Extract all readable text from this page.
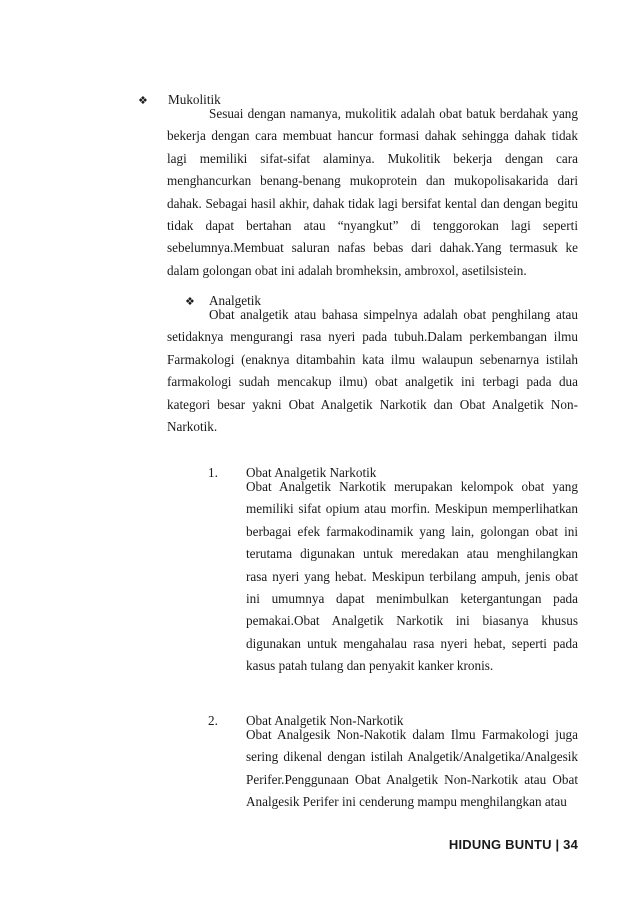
❖	Mukolitik

Sesuai dengan namanya, mukolitik adalah obat batuk berdahak yang bekerja dengan cara membuat hancur formasi dahak sehingga dahak tidak lagi memiliki sifat-sifat alaminya. Mukolitik bekerja dengan cara menghancurkan benang-benang mukoprotein dan mukopolisakarida dari dahak. Sebagai hasil akhir, dahak tidak lagi bersifat kental dan dengan begitu tidak dapat bertahan atau “nyangkut” di tenggorokan lagi seperti sebelumnya.Membuat saluran nafas bebas dari dahak.Yang termasuk ke dalam golongan obat ini adalah bromheksin, ambroxol, asetilsistein.

❖	Analgetik

Obat analgetik atau bahasa simpelnya adalah obat penghilang atau setidaknya mengurangi rasa nyeri pada tubuh.Dalam perkembangan ilmu Farmakologi (enaknya ditambahin kata ilmu walaupun sebenarnya istilah farmakologi sudah mencakup ilmu) obat analgetik ini terbagi pada dua kategori besar yakni Obat Analgetik Narkotik dan Obat Analgetik Non-Narkotik.

1. Obat Analgetik Narkotik

Obat Analgetik Narkotik merupakan kelompok obat yang memiliki sifat opium atau morfin. Meskipun memperlihatkan berbagai efek farmakodinamik yang lain, golongan obat ini terutama digunakan untuk meredakan atau menghilangkan rasa nyeri yang hebat. Meskipun terbilang ampuh, jenis obat ini umumnya dapat menimbulkan ketergantungan pada pemakai.Obat Analgetik Narkotik ini biasanya khusus digunakan untuk mengahalau rasa nyeri hebat, seperti pada kasus patah tulang dan penyakit kanker kronis.

2. Obat Analgetik Non-Narkotik

Obat Analgesik Non-Nakotik dalam Ilmu Farmakologi juga sering dikenal dengan istilah Analgetik/Analgetika/Analgesik Perifer.Penggunaan Obat Analgetik Non-Narkotik atau Obat Analgesik Perifer ini cenderung mampu menghilangkan atau

HIDUNG BUNTU | 34
